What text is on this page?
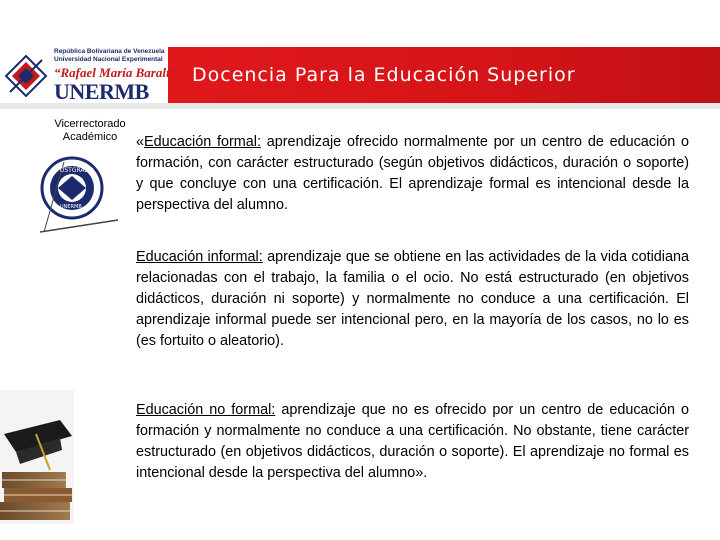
Docencia Para la Educación Superior
República Bolivariana de Venezuela
Universidad Nacional Experimental
“Rafael María Baralt”
UNERMB
Vicerrectorado
Académico
POSTGRADO
UNERMB

«Educación formal: aprendizaje ofrecido normalmente por un centro de educación o formación, con carácter estructurado (según objetivos didácticos, duración o soporte) y que concluye con una certificación. El aprendizaje formal es intencional desde la perspectiva del alumno.

Educación informal: aprendizaje que se obtiene en las actividades de la vida cotidiana relacionadas con el trabajo, la familia o el ocio. No está estructurado (en objetivos didácticos, duración ni soporte) y normalmente no conduce a una certificación. El aprendizaje informal puede ser intencional pero, en la mayoría de los casos, no lo es (es fortuito o aleatorio).

Educación no formal: aprendizaje que no es ofrecido por un centro de educación o formación y normalmente no conduce a una certificación. No obstante, tiene carácter estructurado (en objetivos didácticos, duración o soporte). El aprendizaje no formal es intencional desde la perspectiva del alumno».
